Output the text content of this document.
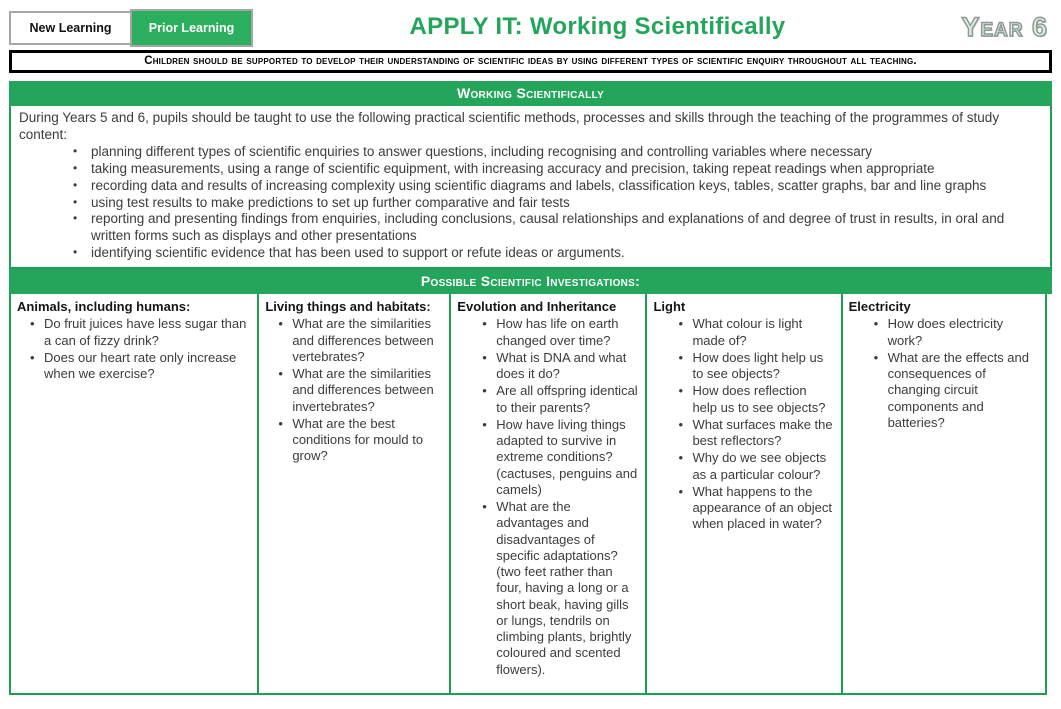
New Learning	Prior Learning	APPLY IT: Working Scientifically	Year 6
Children should be supported to develop their understanding of scientific ideas by using different types of scientific enquiry throughout all teaching.
Working Scientifically

During Years 5 and 6, pupils should be taught to use the following practical scientific methods, processes and skills through the teaching of the programmes of study content:

• planning different types of scientific enquiries to answer questions, including recognising and controlling variables where necessary
• taking measurements, using a range of scientific equipment, with increasing accuracy and precision, taking repeat readings when appropriate
• recording data and results of increasing complexity using scientific diagrams and labels, classification keys, tables, scatter graphs, bar and line graphs
• using test results to make predictions to set up further comparative and fair tests
• reporting and presenting findings from enquiries, including conclusions, causal relationships and explanations of and degree of trust in results, in oral and written forms such as displays and other presentations
• identifying scientific evidence that has been used to support or refute ideas or arguments.
Possible Scientific Investigations:
Animals, including humans:
• Do fruit juices have less sugar than a can of fizzy drink?
• Does our heart rate only increase when we exercise?
Living things and habitats:
• What are the similarities and differences between vertebrates?
• What are the similarities and differences between invertebrates?
• What are the best conditions for mould to grow?
Evolution and Inheritance
• How has life on earth changed over time?
• What is DNA and what does it do?
• Are all offspring identical to their parents?
• How have living things adapted to survive in extreme conditions? (cactuses, penguins and camels)
• What are the advantages and disadvantages of specific adaptations? (two feet rather than four, having a long or a short beak, having gills or lungs, tendrils on climbing plants, brightly coloured and scented flowers).
Light
• What colour is light made of?
• How does light help us to see objects?
• How does reflection help us to see objects?
• What surfaces make the best reflectors?
• Why do we see objects as a particular colour?
• What happens to the appearance of an object when placed in water?
Electricity
• How does electricity work?
• What are the effects and consequences of changing circuit components and batteries?
